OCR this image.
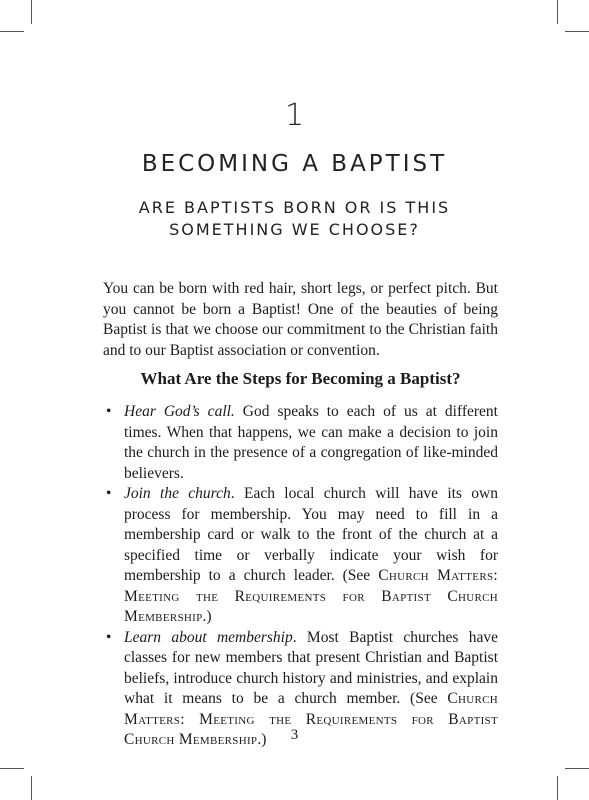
1
BECOMING A BAPTIST
ARE BAPTISTS BORN OR IS THIS
SOMETHING WE CHOOSE?

You can be born with red hair, short legs, or perfect pitch. But you cannot be born a Baptist! One of the beauties of being Baptist is that we choose our commitment to the Christian faith and to our Baptist association or convention.

What Are the Steps for Becoming a Baptist?
• Hear God’s call. God speaks to each of us at different times. When that happens, we can make a decision to join the church in the presence of a congregation of like-minded believers.
• Join the church. Each local church will have its own process for membership. You may need to fill in a membership card or walk to the front of the church at a specified time or verbally indicate your wish for membership to a church leader. (See Church Matters: Meeting the Requirements for Baptist Church Membership.)
• Learn about membership. Most Baptist churches have classes for new members that present Christian and Baptist beliefs, introduce church history and ministries, and explain what it means to be a church member. (See Church Matters: Meeting the Requirements for Baptist Church Membership.)	3
